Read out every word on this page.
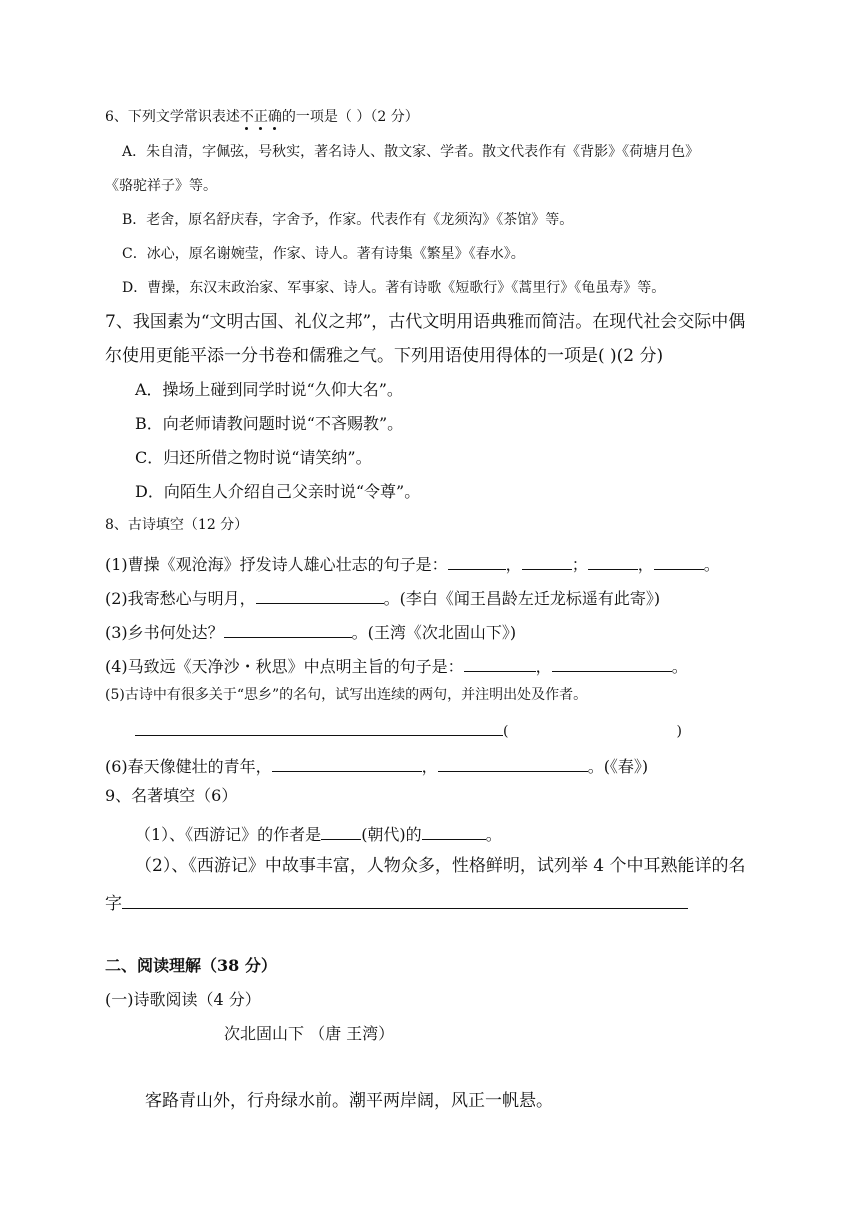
6、下列文学常识表述不正确的一项是（ ）（2 分）
A．朱自清，字佩弦，号秋实，著名诗人、散文家、学者。散文代表作有《背影》《荷塘月色》
《骆驼祥子》等。
B．老舍，原名舒庆春，字舍予，作家。代表作有《龙须沟》《茶馆》等。
C．冰心，原名谢婉莹，作家、诗人。著有诗集《繁星》《春水》。
D．曹操，东汉末政治家、军事家、诗人。著有诗歌《短歌行》《蒿里行》《龟虽寿》等。
7、我国素为“文明古国、礼仪之邦”，古代文明用语典雅而简洁。在现代社会交际中偶
尔使用更能平添一分书卷和儒雅之气。下列用语使用得体的一项是( )(2 分)
A．操场上碰到同学时说“久仰大名”。
B．向老师请教问题时说“不吝赐教”。
C．归还所借之物时说“请笑纳”。
D．向陌生人介绍自己父亲时说“令尊”。
8、古诗填空（12 分）
(1)曹操《观沧海》抒发诗人雄心壮志的句子是：	，	；	，	。
(2)我寄愁心与明月，	。(李白《闻王昌龄左迁龙标遥有此寄》)
(3)乡书何处达？	。(王湾《次北固山下》)
(4)马致远《天净沙・秋思》中点明主旨的句子是：	，	。
(5)古诗中有很多关于“思乡”的名句，试写出连续的两句，并注明出处及作者。
(	)
(6)春天像健壮的青年，	，	。(《春》)
9、名著填空（6）
（1）、《西游记》的作者是	(朝代)的	。
（2）、《西游记》中故事丰富，人物众多，性格鲜明，试列举 4 个中耳熟能详的名
字
二、阅读理解（38 分）
(一)诗歌阅读（4 分）
次北固山下 （唐 王湾）
客路青山外，行舟绿水前。潮平两岸阔，风正一帆悬。
